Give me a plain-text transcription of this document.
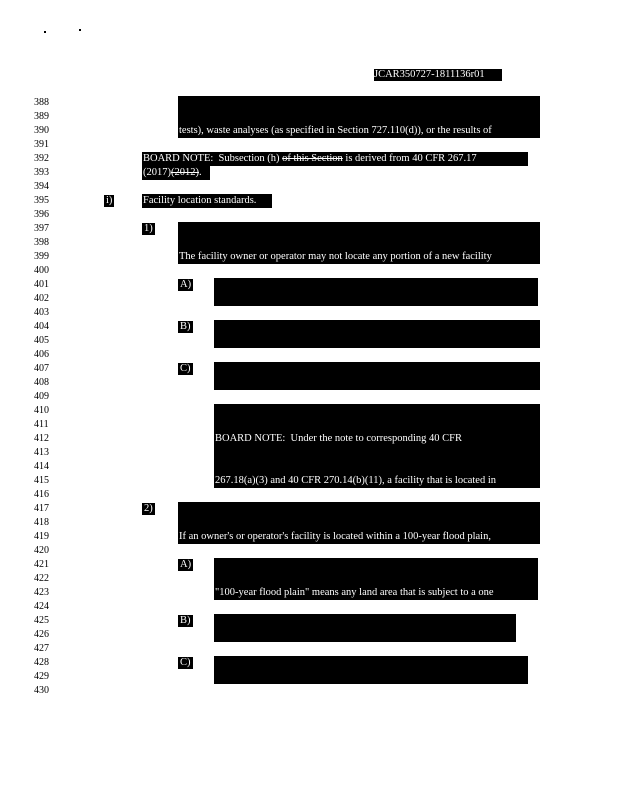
JCAR350727-1811136r01
388
389
390
391
392
393
394
395
396
397
398
399
400
401
402
403
404
405
406
407
408
409
410
411
412
413
414
415
416
417
418
419
420
421
422
423
424
425
426
427
428
429
430

tests), waste analyses (as specified in Section 727.110(d)), or the results of

BOARD NOTE:  Subsection (h) of this Section is derived from 40 CFR 267.17
(2017)(2012).
i)	Facility location standards.
1)

The facility owner or operator may not locate any portion of a new facility

A)

B)

C)

BOARD NOTE:  Under the note to corresponding 40 CFR

267.18(a)(3) and 40 CFR 270.14(b)(11), a facility that is located in

2)

If an owner's or operator's facility is located within a 100-year flood plain,

A)

"100-year flood plain" means any land area that is subject to a one

B)

C)
